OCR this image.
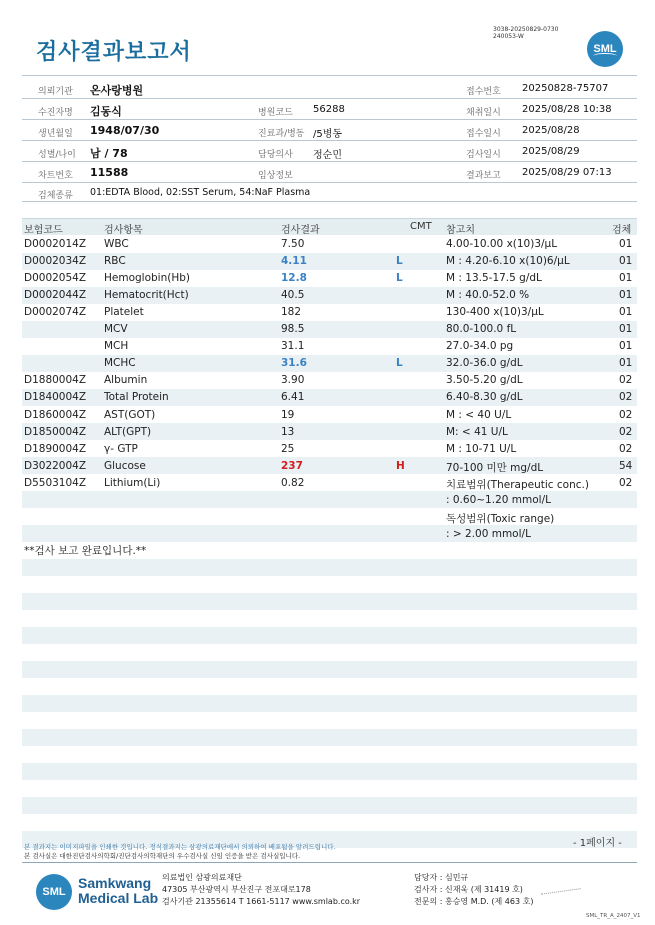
검사결과보고서
3038-20250829-0730
240053-W
SML
의뢰기관 온사랑병원	접수번호 20250828-75707
수진자명 김동식	병원코드 56288	채취일시 2025/08/28 10:38
생년월일 1948/07/30	진료과/병동 /5병동	접수일시 2025/08/28
성별/나이 남 / 78	담당의사 정순민	검사일시 2025/08/29
차트번호 11588	임상정보	결과보고 2025/08/29 07:13
검체종류 01:EDTA Blood, 02:SST Serum, 54:NaF Plasma
보험코드	검사항목	검사결과	CMT 참고치	검체
D0002014Z WBC	7.50	4.00-10.00 x(10)3/μL	01
D0002034Z RBC	4.11	L	M : 4.20-6.10 x(10)6/μL	01
D0002054Z Hemoglobin(Hb)	12.8	L	M : 13.5-17.5 g/dL	01
D0002044Z Hematocrit(Hct)	40.5	M : 40.0-52.0 %	01
D0002074Z Platelet	182	130-400 x(10)3/μL	01
MCV	98.5	80.0-100.0 fL	01
MCH	31.1	27.0-34.0 pg	01
MCHC	31.6	L	32.0-36.0 g/dL	01
D1880004Z Albumin	3.90	3.50-5.20 g/dL	02
D1840004Z Total Protein	6.41	6.40-8.30 g/dL	02
D1860004Z AST(GOT)	19	M : < 40 U/L	02
D1850004Z ALT(GPT)	13	M: < 41 U/L	02
D1890004Z γ- GTP	25	M : 10-71 U/L	02
D3022004Z Glucose	237	H	70-100 미만 mg/dL	54
D5503104Z Lithium(Li)	0.82	치료범위(Therapeutic conc.)	02
: 0.60~1.20 mmol/L
독성범위(Toxic range)
: > 2.00 mmol/L
**검사 보고 완료입니다.**
- 1페이지 -
본 결과지는 이미지파일을 인쇄한 것입니다. 정식결과지는 삼광의료재단에서 의뢰하여 배포됨을 알려드립니다.
본 검사실은 대한진단검사의학회/진단검사의학재단의 우수검사실 신임 인증을 받은 검사실입니다.
SML
Samkwang
Medical Lab
의료법인 삼광의료재단
47305 부산광역시 부산진구 전포대로178
검사기관 21355614 T 1661-5117 www.smlab.co.kr
담당자 : 심민규
검사자 : 신재욱 (제 31419 호)
전문의 : 홍승영 M.D. (제 463 호)
SML_TR_A_2407_V1
